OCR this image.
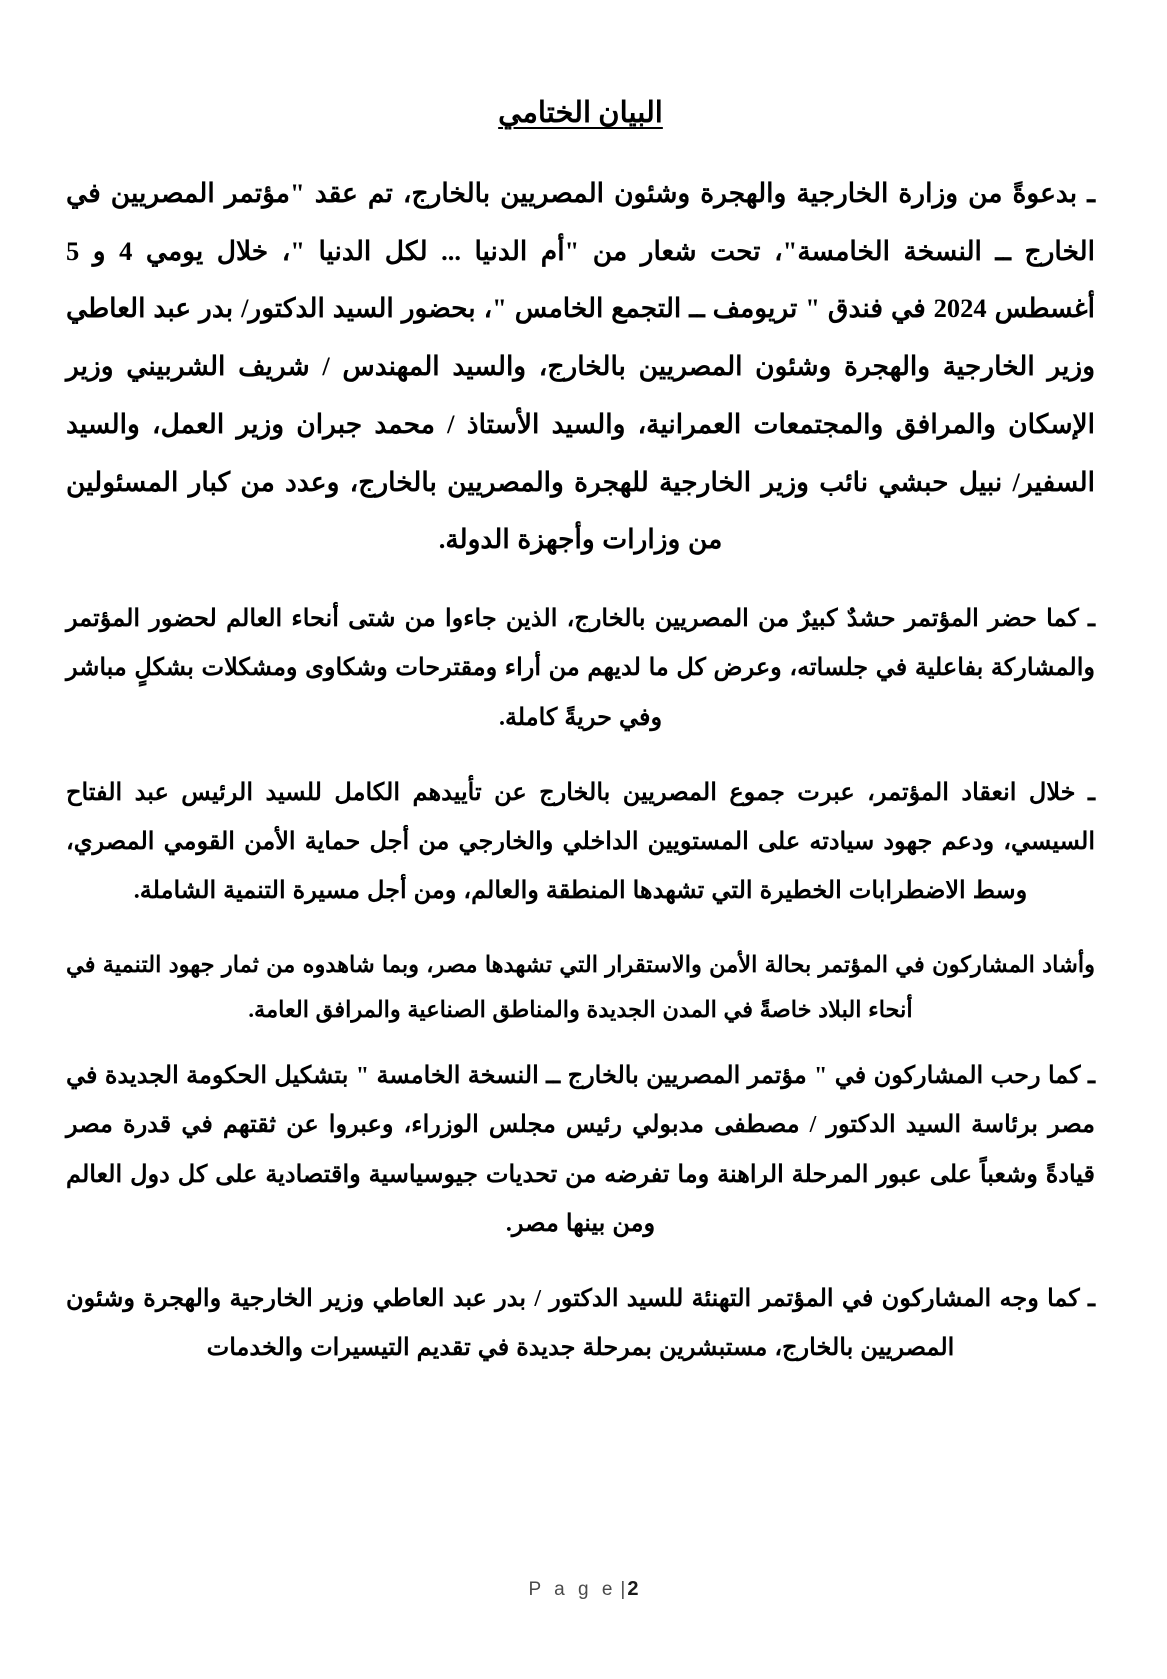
البيان الختامي

ـ بدعوةً من وزارة الخارجية والهجرة وشئون المصريين بالخارج، تم عقد "مؤتمر المصريين في الخارج ــ النسخة الخامسة"، تحت شعار من "أم الدنيا ... لكل الدنيا "، خلال يومي 4 و 5 أغسطس 2024 في فندق " تريومف ــ التجمع الخامس "، بحضور السيد الدكتور/ بدر عبد العاطي وزير الخارجية والهجرة وشئون المصريين بالخارج، والسيد المهندس / شريف الشربيني وزير الإسكان والمرافق والمجتمعات العمرانية، والسيد الأستاذ / محمد جبران وزير العمل، والسيد السفير/ نبيل حبشي نائب وزير الخارجية للهجرة والمصريين بالخارج، وعدد من كبار المسئولين من وزارات وأجهزة الدولة.

ـ كما حضر المؤتمر حشدٌ كبيرٌ من المصريين بالخارج، الذين جاءوا من شتى أنحاء العالم لحضور المؤتمر والمشاركة بفاعلية في جلساته، وعرض كل ما لديهم من أراء ومقترحات وشكاوى ومشكلات بشكلٍ مباشر وفي حريةً كاملة.

ـ خلال انعقاد المؤتمر، عبرت جموع المصريين بالخارج عن تأييدهم الكامل للسيد الرئيس عبد الفتاح السيسي، ودعم جهود سيادته على المستويين الداخلي والخارجي من أجل حماية الأمن القومي المصري، وسط الاضطرابات الخطيرة التي تشهدها المنطقة والعالم، ومن أجل مسيرة التنمية الشاملة.

وأشاد المشاركون في المؤتمر بحالة الأمن والاستقرار التي تشهدها مصر، وبما شاهدوه من ثمار جهود التنمية في أنحاء البلاد خاصةً في المدن الجديدة والمناطق الصناعية والمرافق العامة.

ـ كما رحب المشاركون في " مؤتمر المصريين بالخارج ــ النسخة الخامسة " بتشكيل الحكومة الجديدة في مصر برئاسة السيد الدكتور / مصطفى مدبولي رئيس مجلس الوزراء، وعبروا عن ثقتهم في قدرة مصر قيادةً وشعباً على عبور المرحلة الراهنة وما تفرضه من تحديات جيوسياسية واقتصادية على كل دول العالم ومن بينها مصر.

ـ كما وجه المشاركون في المؤتمر التهنئة للسيد الدكتور / بدر عبد العاطي وزير الخارجية والهجرة وشئون المصريين بالخارج، مستبشرين بمرحلة جديدة في تقديم التيسيرات والخدمات

P a g e | 2
